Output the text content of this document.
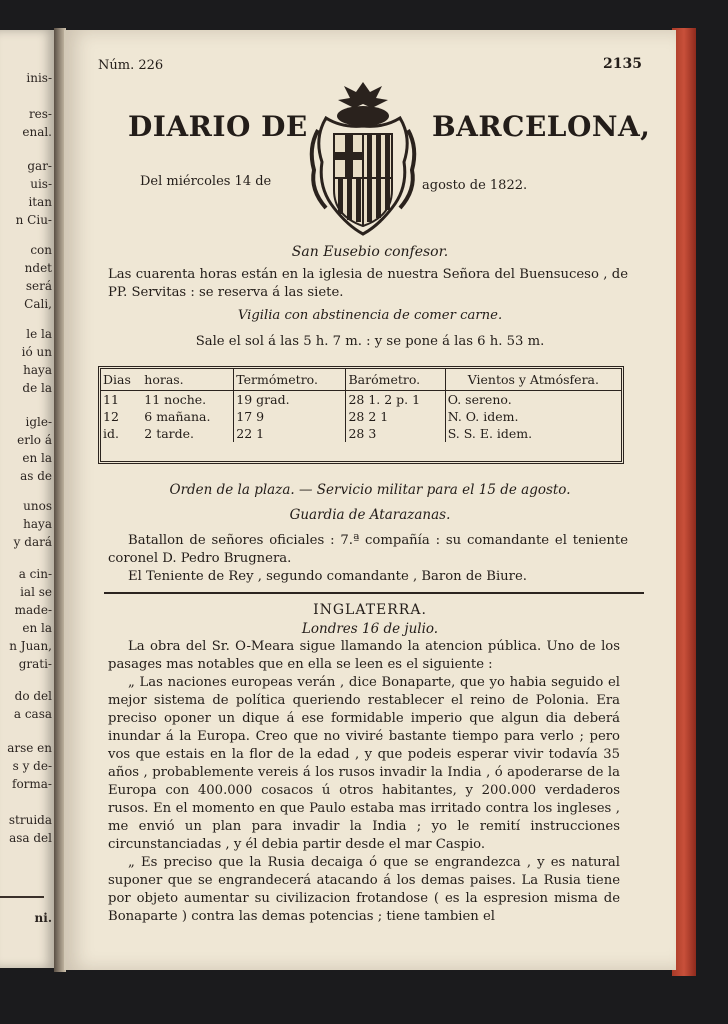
inis-
res-
enal.
gar-
uis-
itan
n Ciu-
con
ndet
será
Cali,
le la
ió un
haya
de la
igle-
erlo á
en la
as de
unos
haya
y dará
a cin-
ial se
made-
en la
n Juan,
grati-
do del
a casa
arse en
s y de-
forma-
struida
asa del
ni.
Núm. 226	2135
DIARIO DE	BARCELONA,
Del miércoles 14 de	agosto de 1822.
San Eusebio confesor.
Las cuarenta horas están en la iglesia de nuestra Señora del Buensuceso , de PP. Servitas : se reserva á las siete.
Vigilia con abstinencia de comer carne.
Sale el sol á las 5 h. 7 m. : y se pone á las 6 h. 53 m.
Dias	horas.	Termómetro.	Barómetro.	Vientos y Atmósfera.
11	11 noche.	19 grad.	28 1. 2 p. 1	O. sereno.
12	6 mañana.	17 9	28 2 1	N. O. idem.
id.	2 tarde.	22 1	28 3	S. S. E. idem.
Orden de la plaza. — Servicio militar para el 15 de agosto.
Guardia de Atarazanas.
Batallon de señores oficiales : 7.ª compañía : su comandante el teniente coronel D. Pedro Brugnera.
El Teniente de Rey , segundo comandante , Baron de Biure.
INGLATERRA.
Londres 16 de julio.

La obra del Sr. O-Meara sigue llamando la atencion pública. Uno de los pasages mas notables que en ella se leen es el siguiente :

„ Las naciones europeas verán , dice Bonaparte, que yo habia seguido el mejor sistema de política queriendo restablecer el reino de Polonia. Era preciso oponer un dique á ese formidable imperio que algun dia deberá inundar á la Europa. Creo que no viviré bastante tiempo para verlo ; pero vos que estais en la flor de la edad , y que podeis esperar vivir todavía 35 años , probablemente vereis á los rusos invadir la India , ó apoderarse de la Europa con 400.000 cosacos ú otros habitantes, y 200.000 verdaderos rusos. En el momento en que Paulo estaba mas irritado contra los ingleses , me envió un plan para invadir la India ; yo le remití instrucciones circunstanciadas , y él debia partir desde el mar Caspio.

„ Es preciso que la Rusia decaiga ó que se engrandezca , y es natural suponer que se engrandecerá atacando á los demas paises. La Rusia tiene por objeto aumentar su civilizacion frotandose ( es la espresion misma de Bonaparte ) contra las demas potencias ; tiene tambien el
